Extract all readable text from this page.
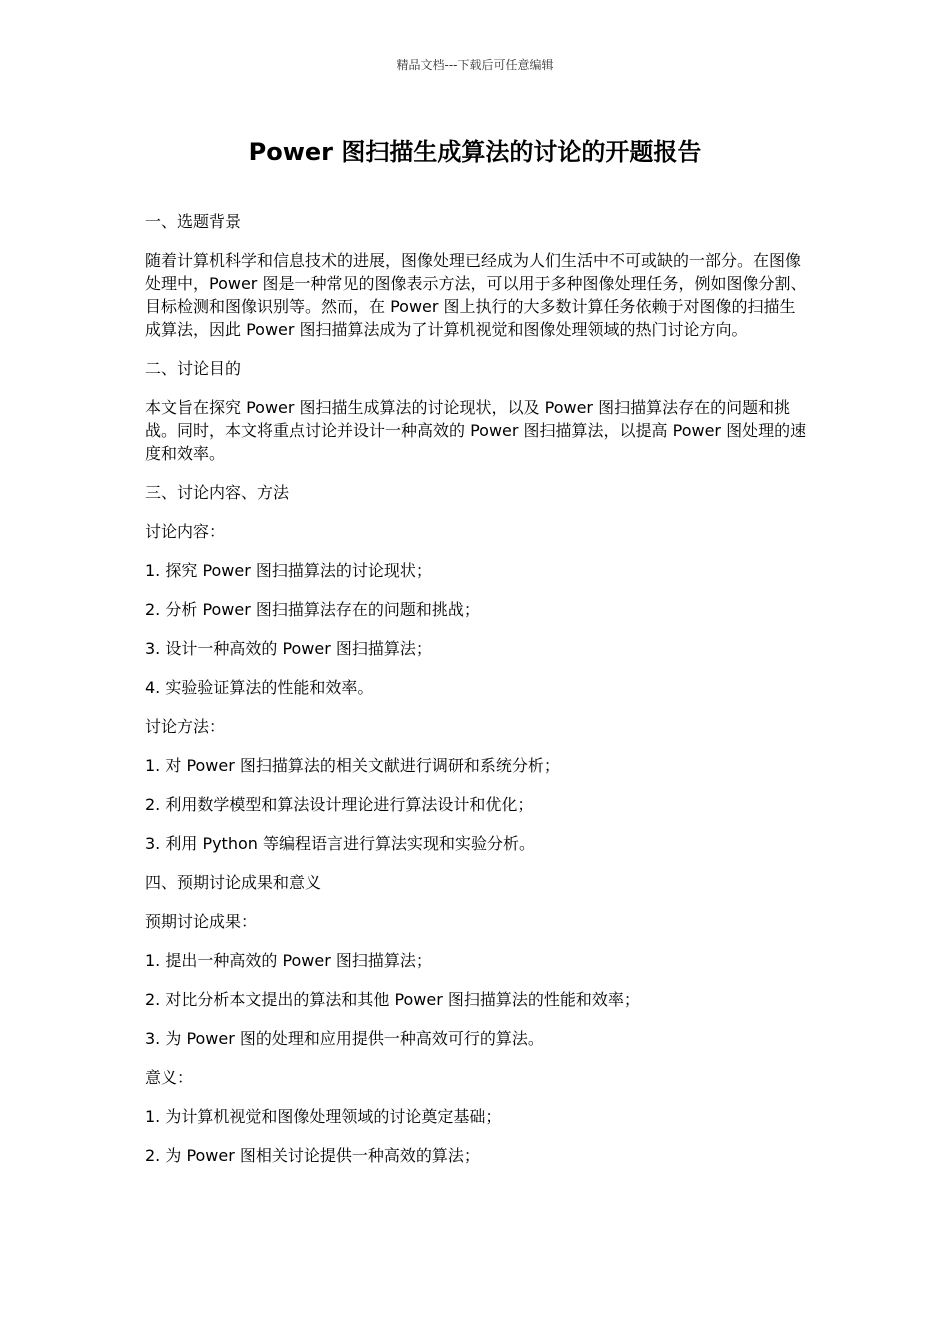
精品文档---下载后可任意编辑
Power 图扫描生成算法的讨论的开题报告

一、选题背景

随着计算机科学和信息技术的进展，图像处理已经成为人们生活中不可或缺的一部分。在图像处理中，Power 图是一种常见的图像表示方法，可以用于多种图像处理任务，例如图像分割、目标检测和图像识别等。然而，在 Power 图上执行的大多数计算任务依赖于对图像的扫描生成算法，因此 Power 图扫描算法成为了计算机视觉和图像处理领域的热门讨论方向。

二、讨论目的

本文旨在探究 Power 图扫描生成算法的讨论现状，以及 Power 图扫描算法存在的问题和挑战。同时，本文将重点讨论并设计一种高效的 Power 图扫描算法，以提高 Power 图处理的速度和效率。

三、讨论内容、方法

讨论内容：

1. 探究 Power 图扫描算法的讨论现状；

2. 分析 Power 图扫描算法存在的问题和挑战；

3. 设计一种高效的 Power 图扫描算法；

4. 实验验证算法的性能和效率。

讨论方法：

1. 对 Power 图扫描算法的相关文献进行调研和系统分析；

2. 利用数学模型和算法设计理论进行算法设计和优化；

3. 利用 Python 等编程语言进行算法实现和实验分析。

四、预期讨论成果和意义

预期讨论成果：

1. 提出一种高效的 Power 图扫描算法；

2. 对比分析本文提出的算法和其他 Power 图扫描算法的性能和效率；

3. 为 Power 图的处理和应用提供一种高效可行的算法。

意义：

1. 为计算机视觉和图像处理领域的讨论奠定基础；

2. 为 Power 图相关讨论提供一种高效的算法；
